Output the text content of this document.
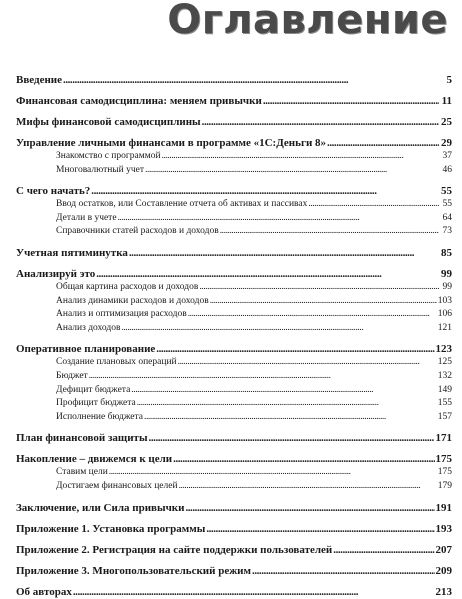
Оглавление
Введение . . .	5
Финансовая самодисциплина: меняем привычки . . .	11
Мифы финансовой самодисциплины . . .	25
Управление личными финансами в программе «1С:Деньги 8» . . .	29
Знакомство с программой . . .	37
Многовалютный учет . . .	46
С чего начать? . . .	55
Ввод остатков, или Составление отчета об активах и пассивах . . .	55
Детали в учете . . .	64
Справочники статей расходов и доходов . . .	73
Учетная пятиминутка . . .	85
Анализируй это . . .	99
Общая картина расходов и доходов . . .	99
Анализ динамики расходов и доходов . . .	103
Анализ и оптимизация расходов . . .	106
Анализ доходов . . .	121
Оперативное планирование . . .	123
Создание плановых операций . . .	125
Бюджет . . .	132
Дефицит бюджета . . .	149
Профицит бюджета . . .	155
Исполнение бюджета . . .	157
План финансовой защиты . . .	171
Накопление – движемся к цели . . .	175
Ставим цели . . .	175
Достигаем финансовых целей . . .	179
Заключение, или Сила привычки . . .	191
Приложение 1. Установка программы . . .	193
Приложение 2. Регистрация на сайте поддержки пользователей . . .	207
Приложение 3. Многопользовательский режим . . .	209
Об авторах . . .	213
